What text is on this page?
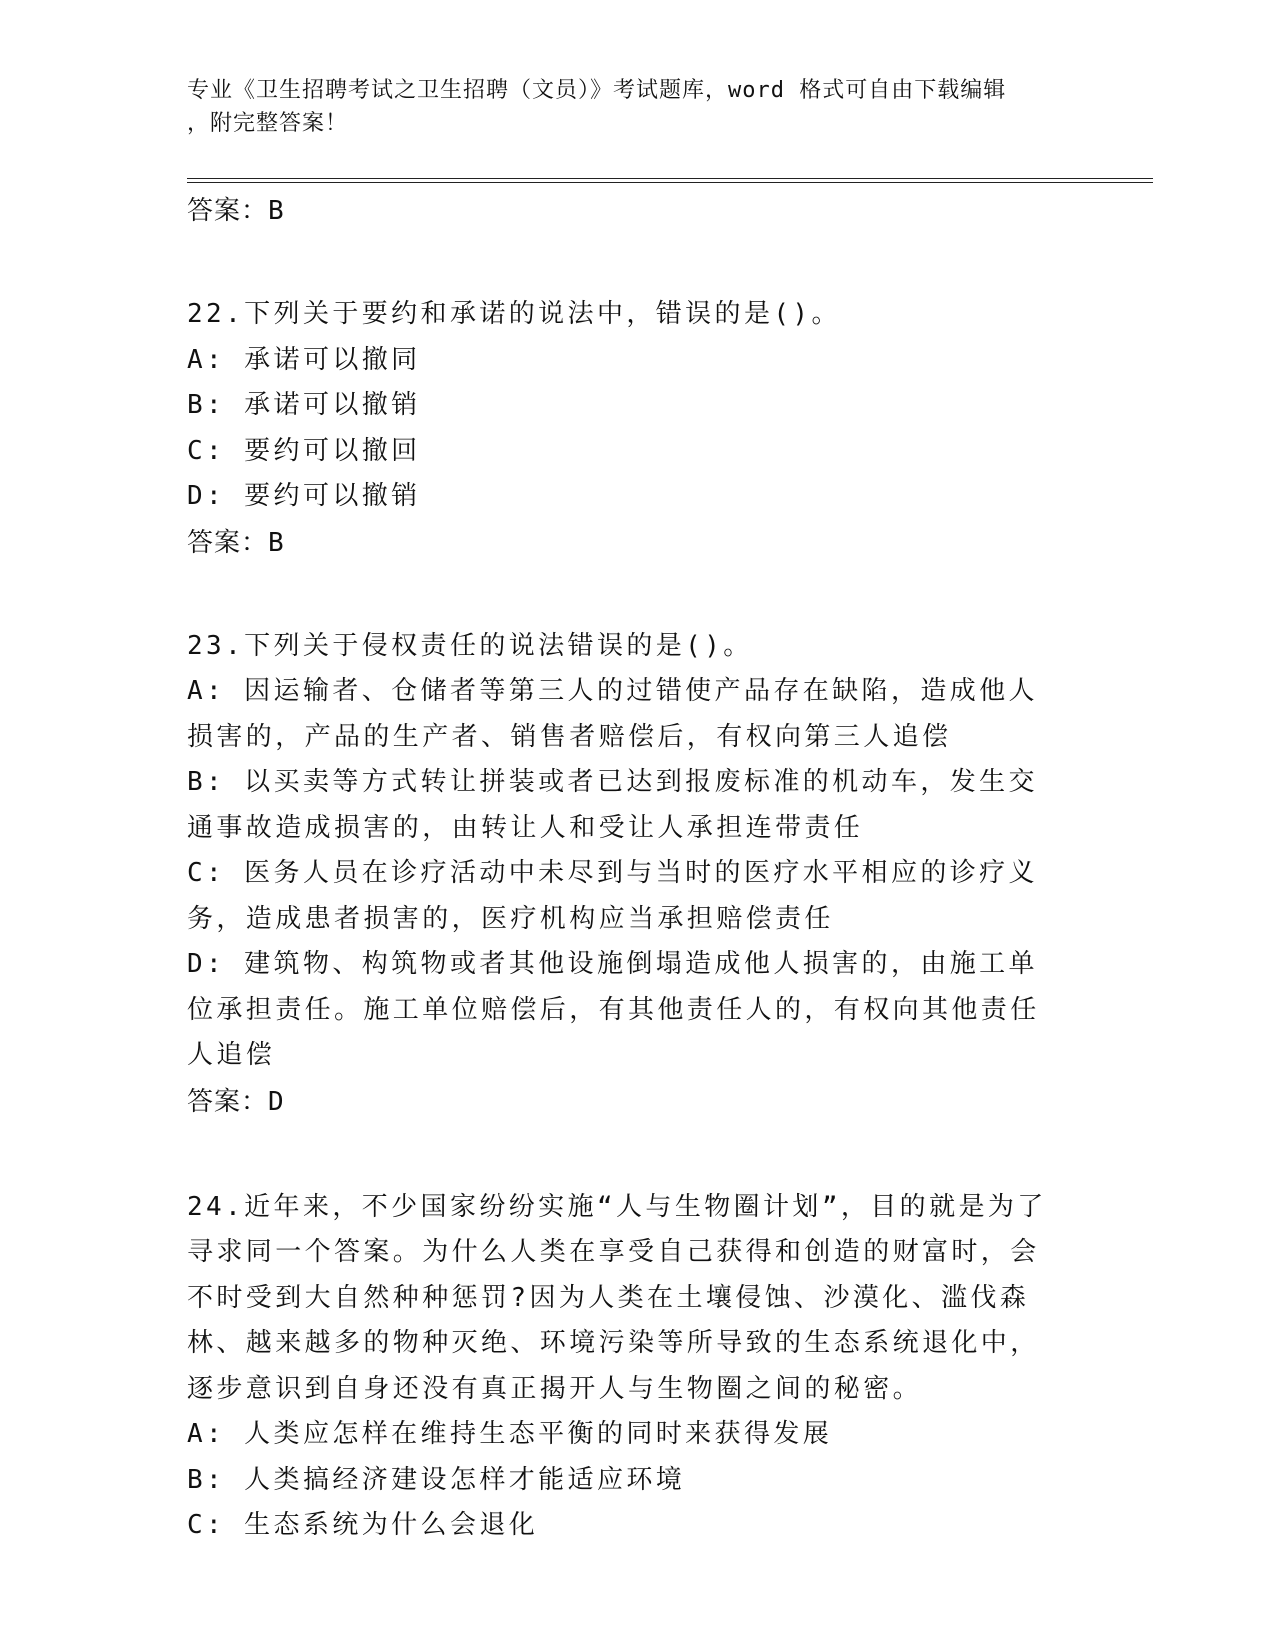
专业《卫生招聘考试之卫生招聘（文员）》考试题库，word 格式可自由下载编辑
，附完整答案！
答案：B
22.下列关于要约和承诺的说法中，错误的是()。
A: 承诺可以撤同
B: 承诺可以撤销
C: 要约可以撤回
D: 要约可以撤销
答案：B
23.下列关于侵权责任的说法错误的是()。
A: 因运输者、仓储者等第三人的过错使产品存在缺陷，造成他人损害的，产品的生产者、销售者赔偿后，有权向第三人追偿
B: 以买卖等方式转让拼装或者已达到报废标准的机动车，发生交通事故造成损害的，由转让人和受让人承担连带责任
C: 医务人员在诊疗活动中未尽到与当时的医疗水平相应的诊疗义务，造成患者损害的，医疗机构应当承担赔偿责任
D: 建筑物、构筑物或者其他设施倒塌造成他人损害的，由施工单位承担责任。施工单位赔偿后，有其他责任人的，有权向其他责任人追偿
答案：D
24.近年来，不少国家纷纷实施“人与生物圈计划”，目的就是为了寻求同一个答案。为什么人类在享受自己获得和创造的财富时，会不时受到大自然种种惩罚?因为人类在土壤侵蚀、沙漠化、滥伐森林、越来越多的物种灭绝、环境污染等所导致的生态系统退化中，逐步意识到自身还没有真正揭开人与生物圈之间的秘密。
A: 人类应怎样在维持生态平衡的同时来获得发展
B: 人类搞经济建设怎样才能适应环境
C: 生态系统为什么会退化
